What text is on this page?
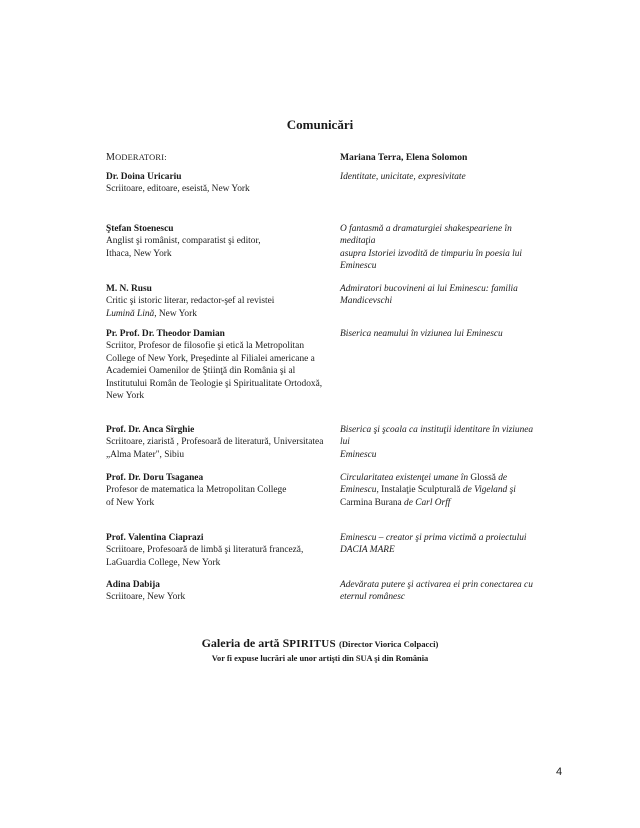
Comunicări
MODERATORI:	Mariana Terra, Elena Solomon
Dr. Doina Uricariu
Scriitoare, editoare, eseistă, New York
Identitate, unicitate, expresivitate
Ştefan Stoenescu
Anglist şi românist, comparatist şi editor,
Ithaca, New York
O fantasmă a dramaturgiei shakespeariene în meditaţia
asupra Istoriei izvodită de timpuriu în poesia lui
Eminescu
M. N. Rusu
Critic şi istoric literar, redactor-şef al revistei
Lumină Lină, New York
Admiratori bucovineni ai lui Eminescu: familia
Mandicevschi
Pr. Prof. Dr. Theodor Damian
Scriitor, Profesor de filosofie şi etică la Metropolitan
College of New York, Preşedinte al Filialei americane a
Academiei Oamenilor de Ştiinţă din România şi al
Institutului Român de Teologie şi Spiritualitate Ortodoxă,
New York
Biserica neamului în viziunea lui Eminescu
Prof. Dr. Anca Sîrghie
Scriitoare, ziaristă , Profesoară de literatură, Universitatea
„Alma Mater", Sibiu
Biserica şi şcoala ca instituţii identitare în viziunea lui
Eminescu
Prof. Dr. Doru Tsaganea
Profesor de matematica la Metropolitan College
of New York
Circularitatea existenţei umane în Glossă de
Eminescu, Instalaţie Sculpturală de Vigeland şi
Carmina Burana de Carl Orff
Prof. Valentina Ciaprazi
Scriitoare, Profesoară de limbă şi literatură franceză,
LaGuardia College, New York
Eminescu – creator şi prima victimă a proiectului
DACIA MARE
Adina Dabija
Scriitoare, New York
Adevărata putere şi activarea ei prin conectarea cu
eternul românesc
Galeria de artă SPIRITUS (Director Viorica Colpacci)
Vor fi expuse lucrări ale unor artişti din SUA şi din România
4
